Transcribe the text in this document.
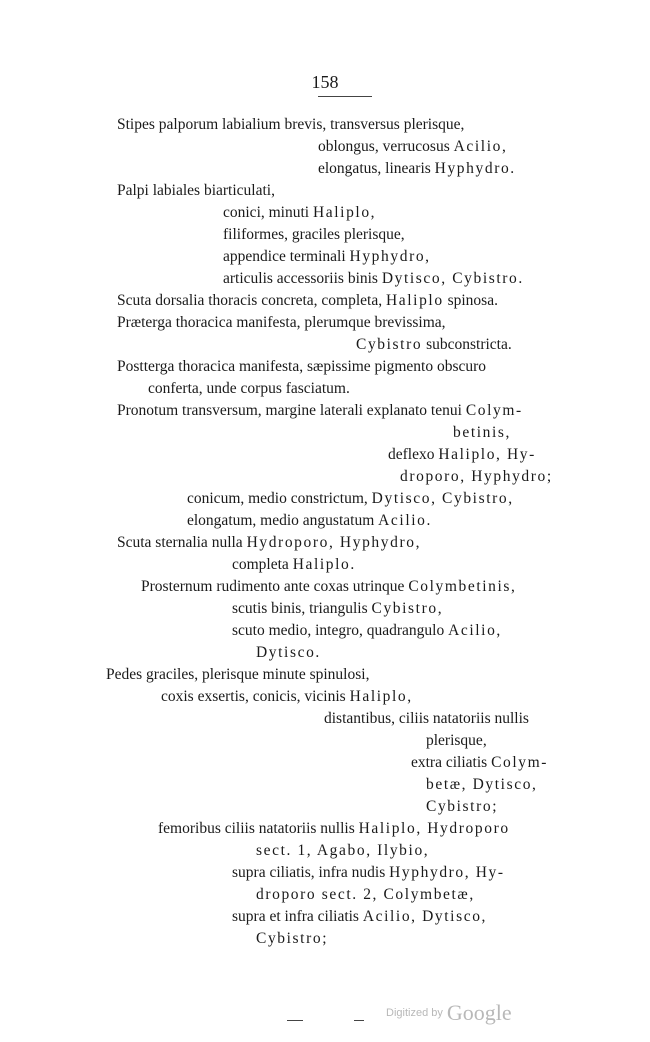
158
Stipes palporum labialium brevis, transversus plerisque,
oblongus, verrucosus Acilio,
elongatus, linearis Hyphydro.
Palpi labiales biarticulati,
conici, minuti Haliplo,
filiformes, graciles plerisque,
appendice terminali Hyphydro,
articulis accessoriis binis Dytisco, Cybistro.
Scuta dorsalia thoracis concreta, completa, Haliplo spinosa.
Præterga thoracica manifesta, plerumque brevissima,
Cybistro subconstricta.
Postterga thoracica manifesta, sæpissime pigmento obscuro
conferta, unde corpus fasciatum.
Pronotum transversum, margine laterali explanato tenui Colym-
betinis,
deflexo Haliplo, Hy-
droporo, Hyphydro;
conicum, medio constrictum, Dytisco, Cybistro,
elongatum, medio angustatum Acilio.
Scuta sternalia nulla Hydroporo, Hyphydro,
completa Haliplo.
Prosternum rudimento ante coxas utrinque Colymbetinis,
scutis binis, triangulis Cybistro,
scuto medio, integro, quadrangulo Acilio,
Dytisco.
Pedes graciles, plerisque minute spinulosi,
coxis exsertis, conicis, vicinis Haliplo,
distantibus, ciliis natatoriis nullis
plerisque,
extra ciliatis Colym-
betæ, Dytisco,
Cybistro;
femoribus ciliis natatoriis nullis Haliplo, Hydroporo
sect. 1, Agabo, Ilybio,
supra ciliatis, infra nudis Hyphydro, Hy-
droporo sect. 2, Colymbetæ,
supra et infra ciliatis Acilio, Dytisco,
Cybistro;
Digitized by Google
